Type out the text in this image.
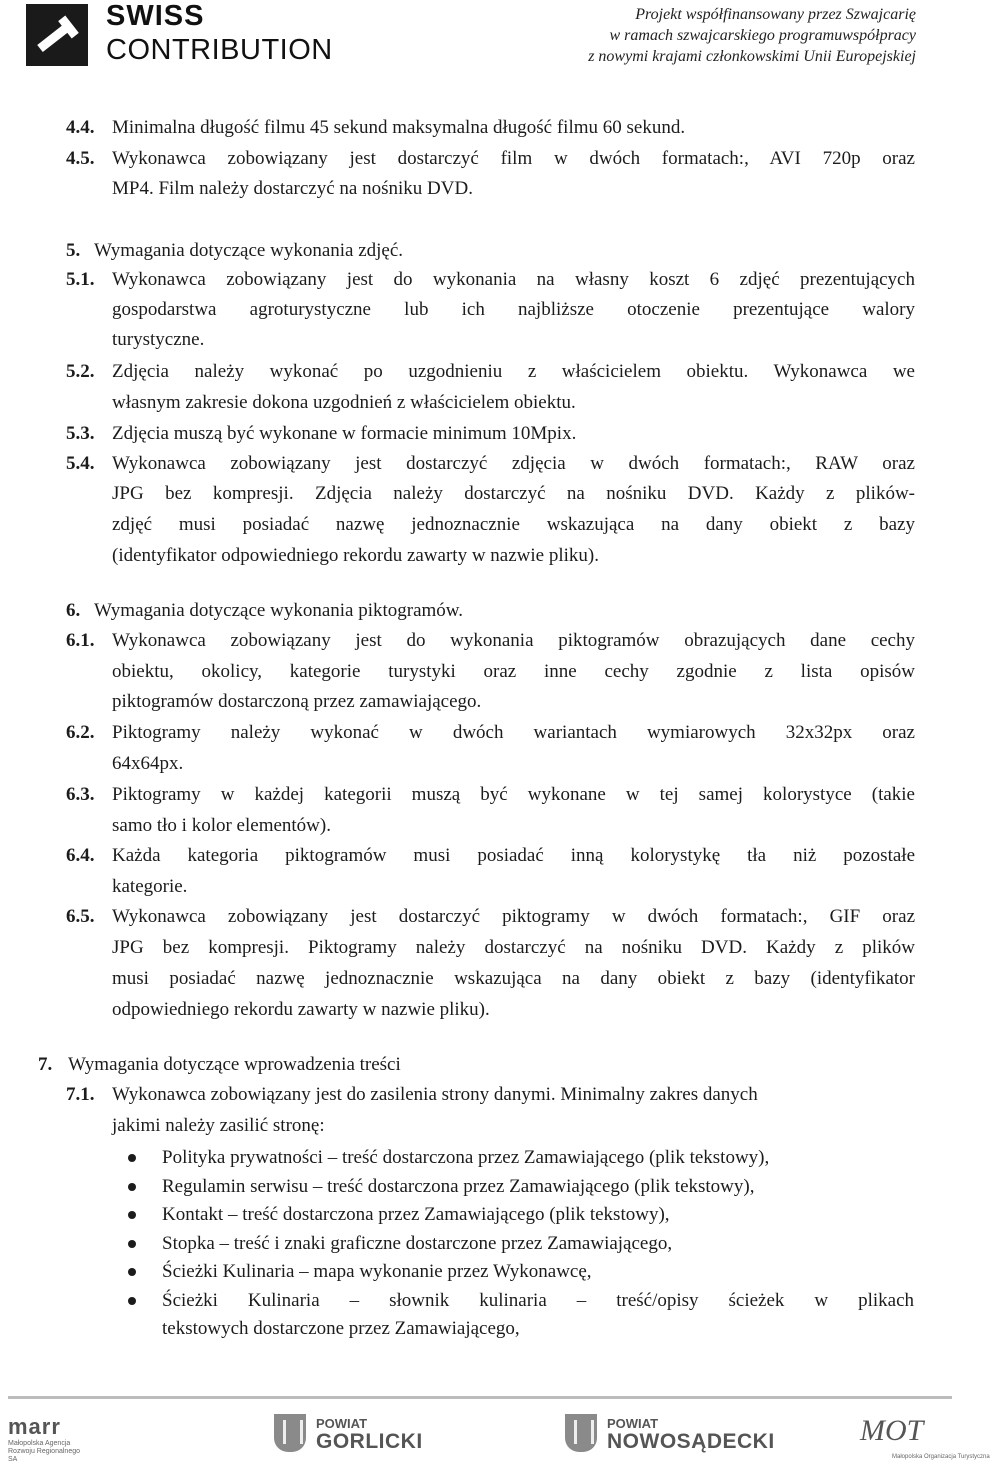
SWISS
CONTRIBUTION
Projekt współfinansowany przez Szwajcarię
w ramach szwajcarskiego programuwspółpracy
z nowymi krajami członkowskimi Unii Europejskiej
4.4. Minimalna długość filmu 45 sekund maksymalna długość filmu 60 sekund.
4.5. Wykonawca zobowiązany jest dostarczyć film w dwóch formatach:, AVI 720p oraz
MP4. Film należy dostarczyć na nośniku DVD.
5. Wymagania dotyczące wykonania zdjęć.
5.1. Wykonawca zobowiązany jest do wykonania na własny koszt 6 zdjęć prezentujących
gospodarstwa agroturystyczne lub ich najbliższe otoczenie prezentujące walory
turystyczne.
5.2. Zdjęcia należy wykonać po uzgodnieniu z właścicielem obiektu. Wykonawca we
własnym zakresie dokona uzgodnień z właścicielem obiektu.
5.3. Zdjęcia muszą być wykonane w formacie minimum 10Mpix.
5.4. Wykonawca zobowiązany jest dostarczyć zdjęcia w dwóch formatach:, RAW oraz
JPG bez kompresji. Zdjęcia należy dostarczyć na nośniku DVD. Każdy z plików-
zdjęć musi posiadać nazwę jednoznacznie wskazująca na dany obiekt z bazy
(identyfikator odpowiedniego rekordu zawarty w nazwie pliku).
6. Wymagania dotyczące wykonania piktogramów.
6.1. Wykonawca zobowiązany jest do wykonania piktogramów obrazujących dane cechy
obiektu, okolicy, kategorie turystyki oraz inne cechy zgodnie z lista opisów
piktogramów dostarczoną przez zamawiającego.
6.2. Piktogramy należy wykonać w dwóch wariantach wymiarowych 32x32px oraz
64x64px.
6.3. Piktogramy w każdej kategorii muszą być wykonane w tej samej kolorystyce (takie
samo tło i kolor elementów).
6.4. Każda kategoria piktogramów musi posiadać inną kolorystykę tła niż pozostałe
kategorie.
6.5. Wykonawca zobowiązany jest dostarczyć piktogramy w dwóch formatach:, GIF oraz
JPG bez kompresji. Piktogramy należy dostarczyć na nośniku DVD. Każdy z plików
musi posiadać nazwę jednoznacznie wskazująca na dany obiekt z bazy (identyfikator
odpowiedniego rekordu zawarty w nazwie pliku).
7. Wymagania dotyczące wprowadzenia treści
7.1. Wykonawca zobowiązany jest do zasilenia strony danymi. Minimalny zakres danych
jakimi należy zasilić stronę:
Polityka prywatności – treść dostarczona przez Zamawiającego (plik tekstowy),
Regulamin serwisu – treść dostarczona przez Zamawiającego (plik tekstowy),
Kontakt – treść dostarczona przez Zamawiającego (plik tekstowy),
Stopka – treść i znaki graficzne dostarczone przez Zamawiającego,
Ścieżki Kulinaria – mapa wykonanie przez Wykonawcę,
Ścieżki Kulinaria – słownik kulinaria – treść/opisy ścieżek w plikach
tekstowych dostarczone przez Zamawiającego,
marr
Małopolska Agencja Rozwoju Regionalnego SA
POWIAT
GORLICKI
POWIAT
NOWOSĄDECKI	MOT
Małopolska Organizacja Turystyczna
